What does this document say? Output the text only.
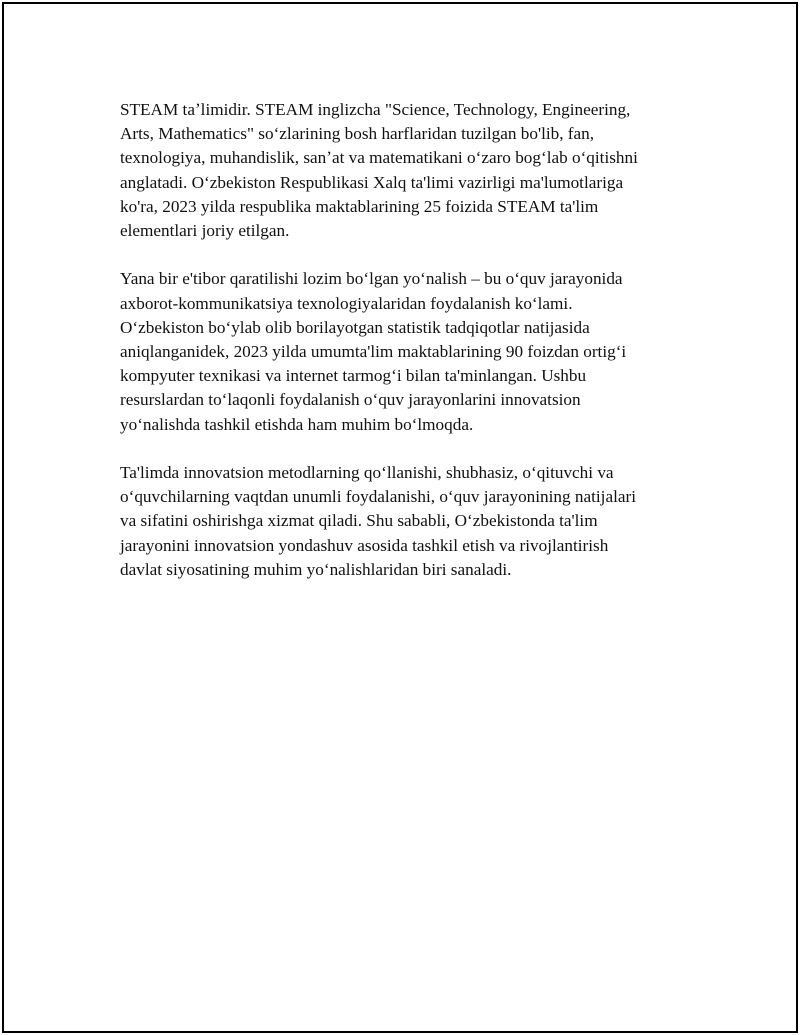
STEAM taʼlimidir. STEAM inglizcha "Science, Technology, Engineering,
Arts, Mathematics" soʻzlarining bosh harflaridan tuzilgan bo'lib, fan,
texnologiya, muhandislik, sanʼat va matematikani oʻzaro bogʻlab oʻqitishni
anglatadi. Oʻzbekiston Respublikasi Xalq ta'limi vazirligi ma'lumotlariga
ko'ra, 2023 yilda respublika maktablarining 25 foizida STEAM ta'lim
elementlari joriy etilgan.

Yana bir e'tibor qaratilishi lozim boʻlgan yoʻnalish – bu oʻquv jarayonida
axborot-kommunikatsiya texnologiyalaridan foydalanish koʻlami.
Oʻzbekiston boʻylab olib borilayotgan statistik tadqiqotlar natijasida
aniqlanganidek, 2023 yilda umumta'lim maktablarining 90 foizdan ortigʻi
kompyuter texnikasi va internet tarmogʻi bilan ta'minlangan. Ushbu
resurslardan toʻlaqonli foydalanish oʻquv jarayonlarini innovatsion
yoʻnalishda tashkil etishda ham muhim boʻlmoqda.

Ta'limda innovatsion metodlarning qoʻllanishi, shubhasiz, oʻqituvchi va
oʻquvchilarning vaqtdan unumli foydalanishi, oʻquv jarayonining natijalari
va sifatini oshirishga xizmat qiladi. Shu sababli, Oʻzbekistonda ta'lim
jarayonini innovatsion yondashuv asosida tashkil etish va rivojlantirish
davlat siyosatining muhim yoʻnalishlaridan biri sanaladi.
